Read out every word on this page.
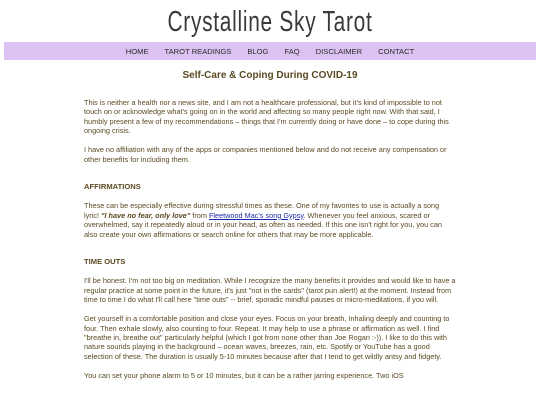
Crystalline Sky Tarot
HOME TAROT READINGS BLOG FAQ DISCLAIMER CONTACT
Self-Care & Coping During COVID-19

This is neither a health nor a news site, and I am not a healthcare professional, but it's kind of impossible to not touch on or acknowledge what's going on in the world and affecting so many people right now. With that said, I humbly present a few of my recommendations – things that I'm currently doing or have done – to cope during this ongoing crisis.

I have no affiliation with any of the apps or companies mentioned below and do not receive any compensation or other benefits for including them.

AFFIRMATIONS

These can be especially effective during stressful times as these. One of my favorites to use is actually a song lyric! "I have no fear, only love" from Fleetwood Mac's song Gypsy. Whenever you feel anxious, scared or overwhelmed, say it repeatedly aloud or in your head, as often as needed. If this one isn't right for you, you can also create your own affirmations or search online for others that may be more applicable.

TIME OUTS

I'll be honest. I'm not too big on meditation. While I recognize the many benefits it provides and would like to have a regular practice at some point in the future, it's just "not in the cards" (tarot pun alert!) at the moment. Instead from time to time I do what I'll call here "time outs" -- brief, sporadic mindful pauses or micro-meditations, if you will.

Get yourself in a comfortable position and close your eyes. Focus on your breath, Inhaling deeply and counting to four. Then exhale slowly, also counting to four. Repeat. It may help to use a phrase or affirmation as well. I find "breathe in, breathe out" particularly helpful (which I got from none other than Joe Rogan :-)). I like to do this with nature sounds playing in the background – ocean waves, breezes, rain, etc. Spotify or YouTube has a good selection of these. The duration is usually 5-10 minutes because after that I tend to get wildly antsy and fidgety.

You can set your phone alarm to 5 or 10 minutes, but it can be a rather jarring experience. Two iOS
